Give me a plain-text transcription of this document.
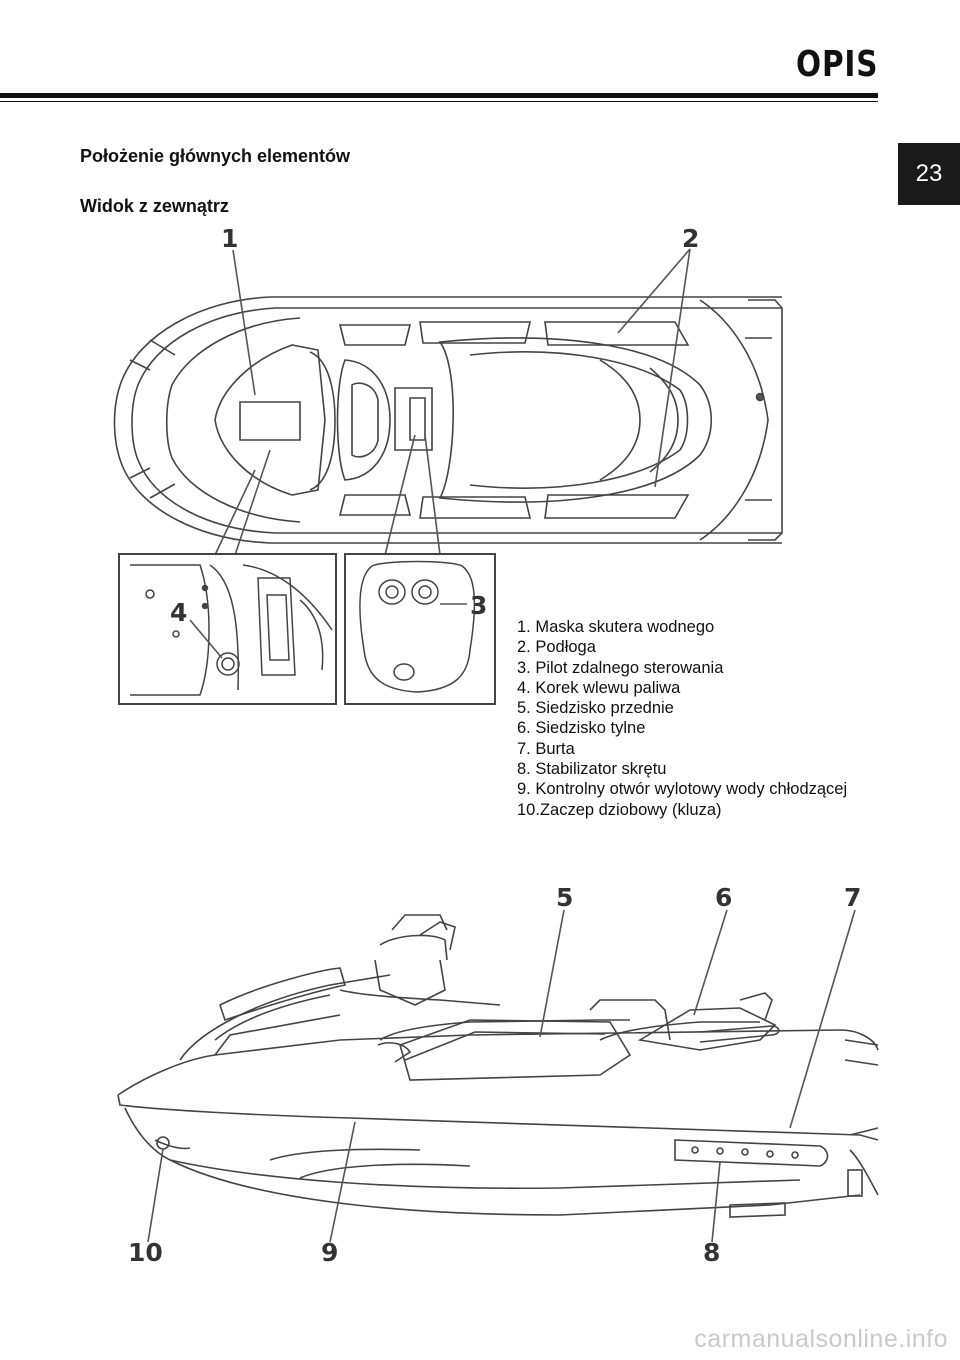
OPIS
23
Położenie głównych elementów
Widok z zewnątrz
1	2
3
4
5	6	7
8
9
10
1. Maska skutera wodnego
2. Podłoga
3. Pilot zdalnego sterowania
4. Korek wlewu paliwa
5. Siedzisko przednie
6. Siedzisko tylne
7. Burta
8. Stabilizator skrętu
9. Kontrolny otwór wylotowy wody chłodzącej
10.Zaczep dziobowy (kluza)
carmanualsonline.info
